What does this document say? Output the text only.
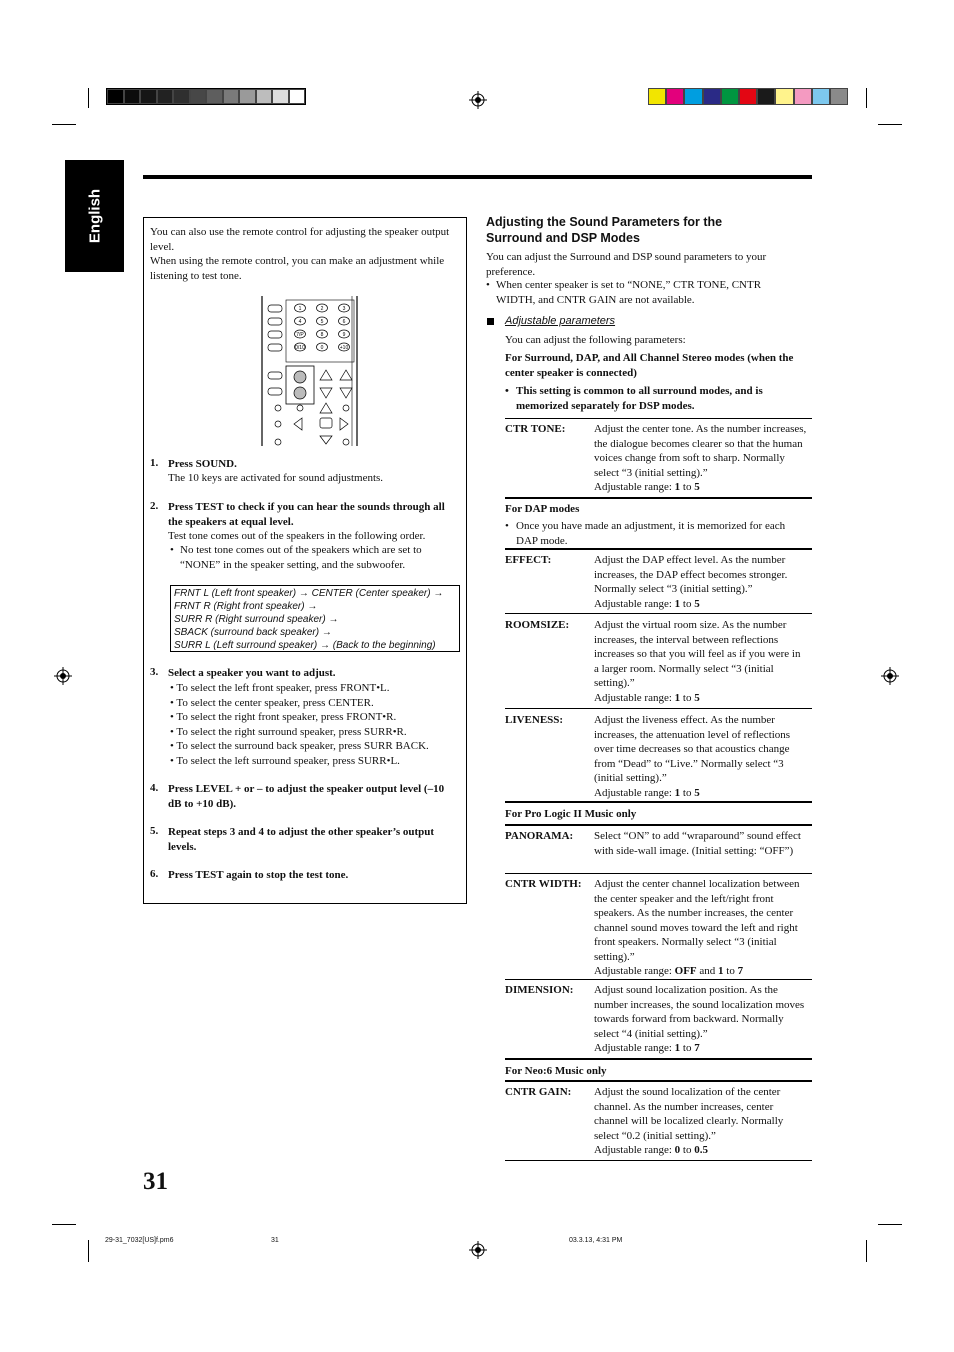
English	You can also use the remote control for adjusting the speaker output level.
When using the remote control, you can make an adjustment while listening to test tone.
1	2	3
4	5	6
7/P	8	9
0/10	0	+10
1. Press SOUND.
The 10 keys are activated for sound adjustments.
2. Press TEST to check if you can hear the sounds through all the speakers at equal level.
Test tone comes out of the speakers in the following order.
• No test tone comes out of the speakers which are set to “NONE” in the speaker setting, and the subwoofer.
FRNT L (Left front speaker) → CENTER (Center speaker) →
FRNT R (Right front speaker) →
SURR R (Right surround speaker) →
SBACK (surround back speaker) →
SURR L (Left surround speaker) → (Back to the beginning)
3. Select a speaker you want to adjust.
• To select the left front speaker, press FRONT•L.
• To select the center speaker, press CENTER.
• To select the right front speaker, press FRONT•R.
• To select the right surround speaker, press SURR•R.
• To select the surround back speaker, press SURR BACK.
• To select the left surround speaker, press SURR•L.
4. Press LEVEL + or – to adjust the speaker output level (–10 dB to +10 dB).
5. Repeat steps 3 and 4 to adjust the other speaker’s output levels.
6. Press TEST again to stop the test tone.
Adjusting the Sound Parameters for the
Surround and DSP Modes
You can adjust the Surround and DSP sound parameters to your preference.
• When center speaker is set to “NONE,” CTR TONE, CNTR WIDTH, and CNTR GAIN are not available.
Adjustable parameters
You can adjust the following parameters:
For Surround, DAP, and All Channel Stereo modes (when the center speaker is connected)
• This setting is common to all surround modes, and is memorized separately for DSP modes.
CTR TONE:	Adjust the center tone. As the number increases, the dialogue becomes clearer so that the human voices change from soft to sharp. Normally select “3 (initial setting).”
Adjustable range: 1 to 5
For DAP modes
• Once you have made an adjustment, it is memorized for each DAP mode.
EFFECT:	Adjust the DAP effect level. As the number increases, the DAP effect becomes stronger. Normally select “3 (initial setting).”
Adjustable range: 1 to 5
ROOMSIZE: Adjust the virtual room size. As the number increases, the interval between reflections increases so that you will feel as if you were in a larger room. Normally select “3 (initial setting).”
Adjustable range: 1 to 5
LIVENESS:	Adjust the liveness effect. As the number increases, the attenuation level of reflections over time decreases so that acoustics change from “Dead” to “Live.” Normally select “3 (initial setting).”
Adjustable range: 1 to 5
For Pro Logic II Music only
PANORAMA: Select “ON” to add “wraparound” sound effect with side-wall image. (Initial setting: “OFF”)
CNTR WIDTH: Adjust the center channel localization between the center speaker and the left/right front speakers. As the number increases, the center channel sound moves toward the left and right front speakers. Normally select “3 (initial setting).”
Adjustable range: OFF and 1 to 7
DIMENSION: Adjust sound localization position. As the number increases, the sound localization moves towards forward from backward. Normally select “4 (initial setting).”
Adjustable range: 1 to 7
For Neo:6 Music only
CNTR GAIN: Adjust the sound localization of the center channel. As the number increases, center channel will be localized clearly. Normally select “0.2 (initial setting).”
Adjustable range: 0 to 0.5
31
29-31_7032[US]f.pm6	31	03.3.13, 4:31 PM
